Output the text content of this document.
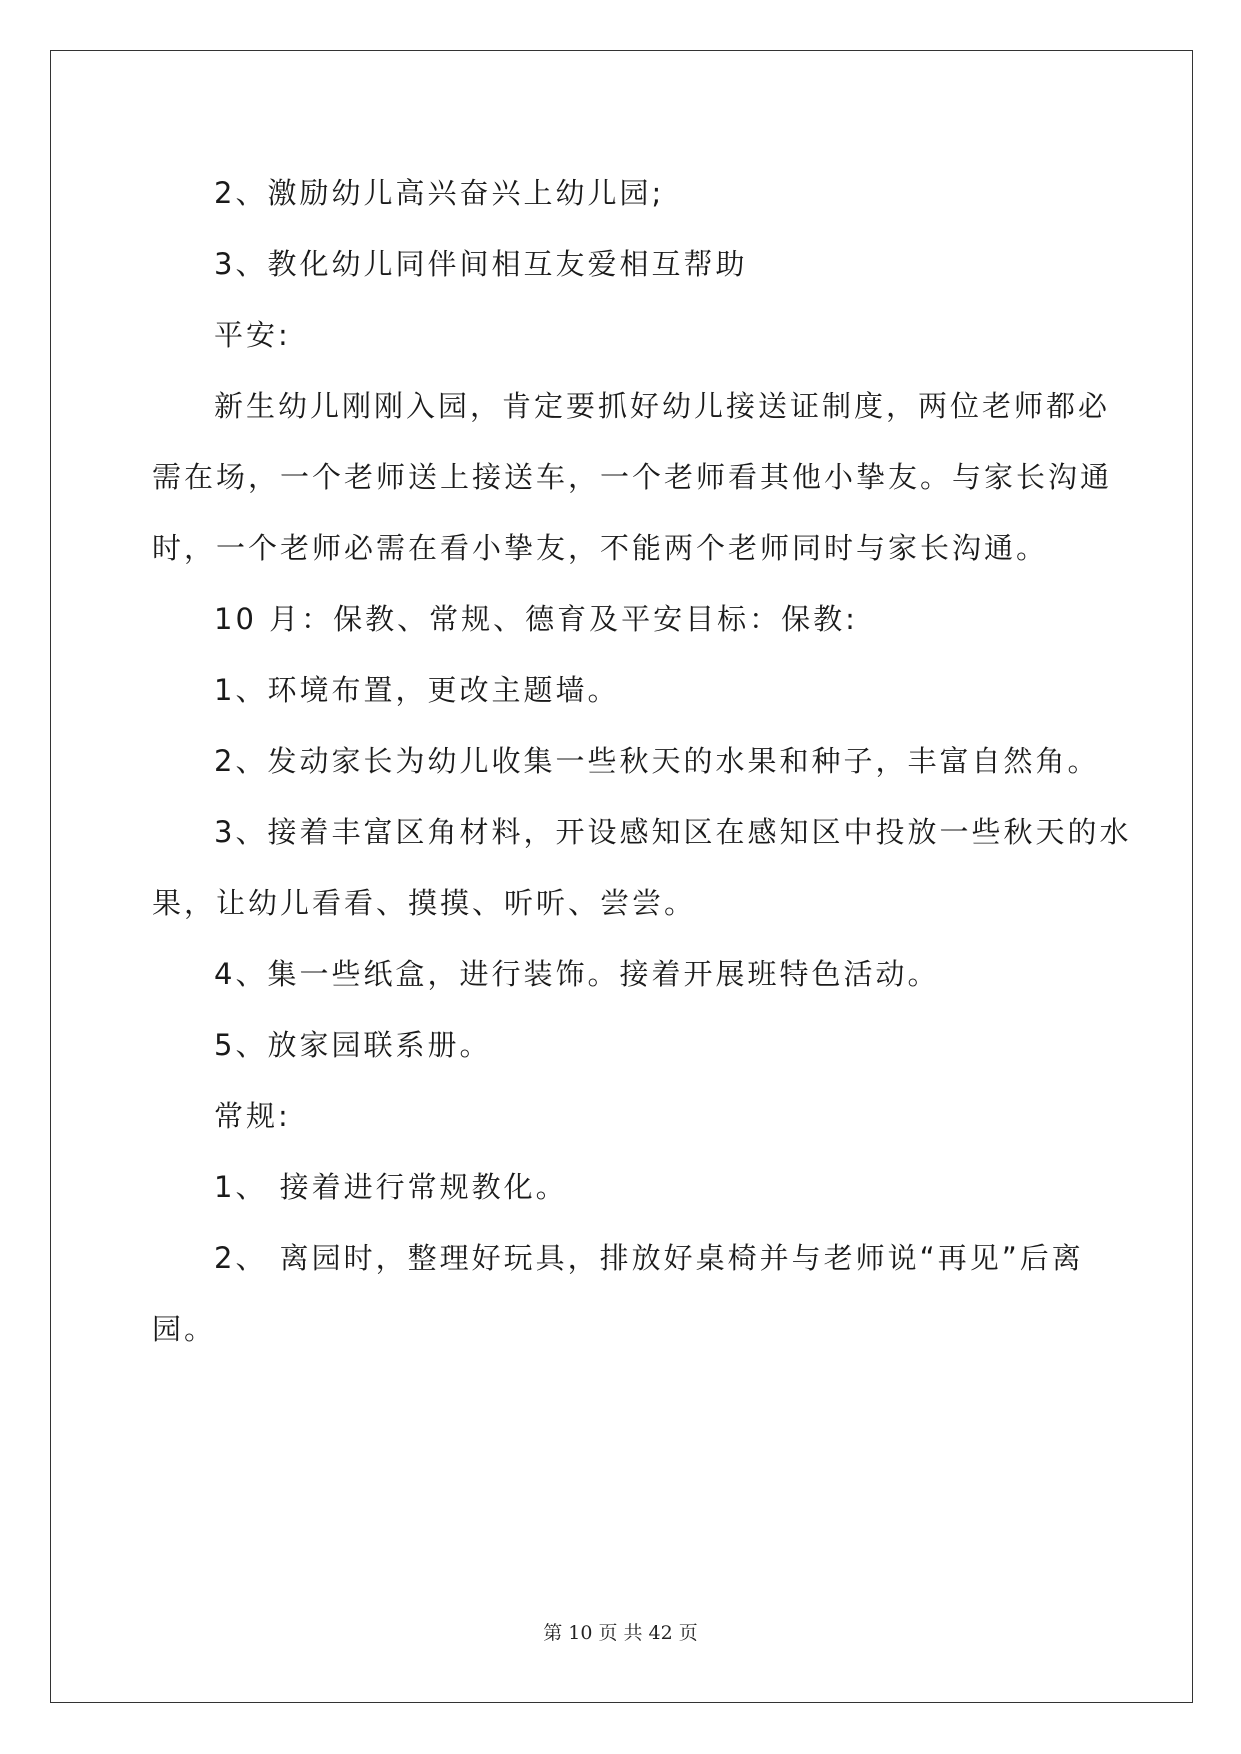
2、激励幼儿高兴奋兴上幼儿园;
3、教化幼儿同伴间相互友爱相互帮助
平安:
新生幼儿刚刚入园，肯定要抓好幼儿接送证制度，两位老师都必
需在场，一个老师送上接送车，一个老师看其他小挚友。与家长沟通
时，一个老师必需在看小挚友，不能两个老师同时与家长沟通。
10 月：保教、常规、德育及平安目标：保教:
1、环境布置，更改主题墙。
2、发动家长为幼儿收集一些秋天的水果和种子，丰富自然角。
3、接着丰富区角材料，开设感知区在感知区中投放一些秋天的水
果，让幼儿看看、摸摸、听听、尝尝。
4、集一些纸盒，进行装饰。接着开展班特色活动。
5、放家园联系册。
常规:
1、 接着进行常规教化。
2、 离园时，整理好玩具，排放好桌椅并与老师说“再见”后离
园。
第 10 页 共 42 页
